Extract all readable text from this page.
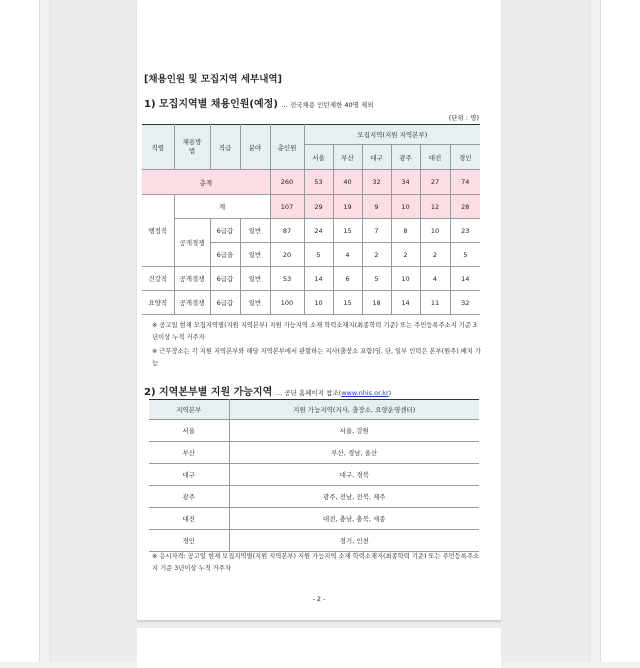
[채용인원 및 모집지역 세부내역]
1) 모집지역별 채용인원(예정) … 전국채용 인턴제한 40명 제외
(단위 : 명)
직렬	채용방법	직급	분야	총인원	모집지역(지원 지역본부)					
					서울	부산	대구	광주	대전	경인
총계				260	53	40	32	34	27	74
행정직	계			107	29	19	9	10	12	28
	공개경쟁	6급갑	일반	87	24	15	7	8	10	23
		6급을	일반	20	5	4	2	2	2	5
건강직	공개경쟁	6급갑	일반	53	14	6	5	10	4	14
요양직	공개경쟁	6급갑	일반	100	10	15	18	14	11	32
※ 공고일 현재 모집지역별(지원 지역본부) 지원 가능지역 소재 학력소재지(최종학력 기준) 또는 주민등록주소지 기준 3년이상 누적 거주자
※ 근무장소는 각 지원 지역본부와 해당 지역본부에서 관할하는 지사(출장소 포함)임. 단, 일부 인력은 본부(원주) 배치 가능
2) 지역본부별 지원 가능지역 … 공단 홈페이지 참조(www.nhis.or.kr)
지역본부	지원 가능지역(지사, 출장소, 요양운영센터)
서울	서울, 강원
부산	부산, 경남, 울산
대구	대구, 경북
광주	광주, 전남, 전북, 제주
대전	대전, 충남, 충북, 세종
경인	경기, 인천
※ 응시자격: 공고일 현재 모집지역별(지원 지역본부) 지원 가능지역 소재 학력소재지(최종학력 기준) 또는 주민등록주소지 기준 3년이상 누적 거주자
- 2 -
